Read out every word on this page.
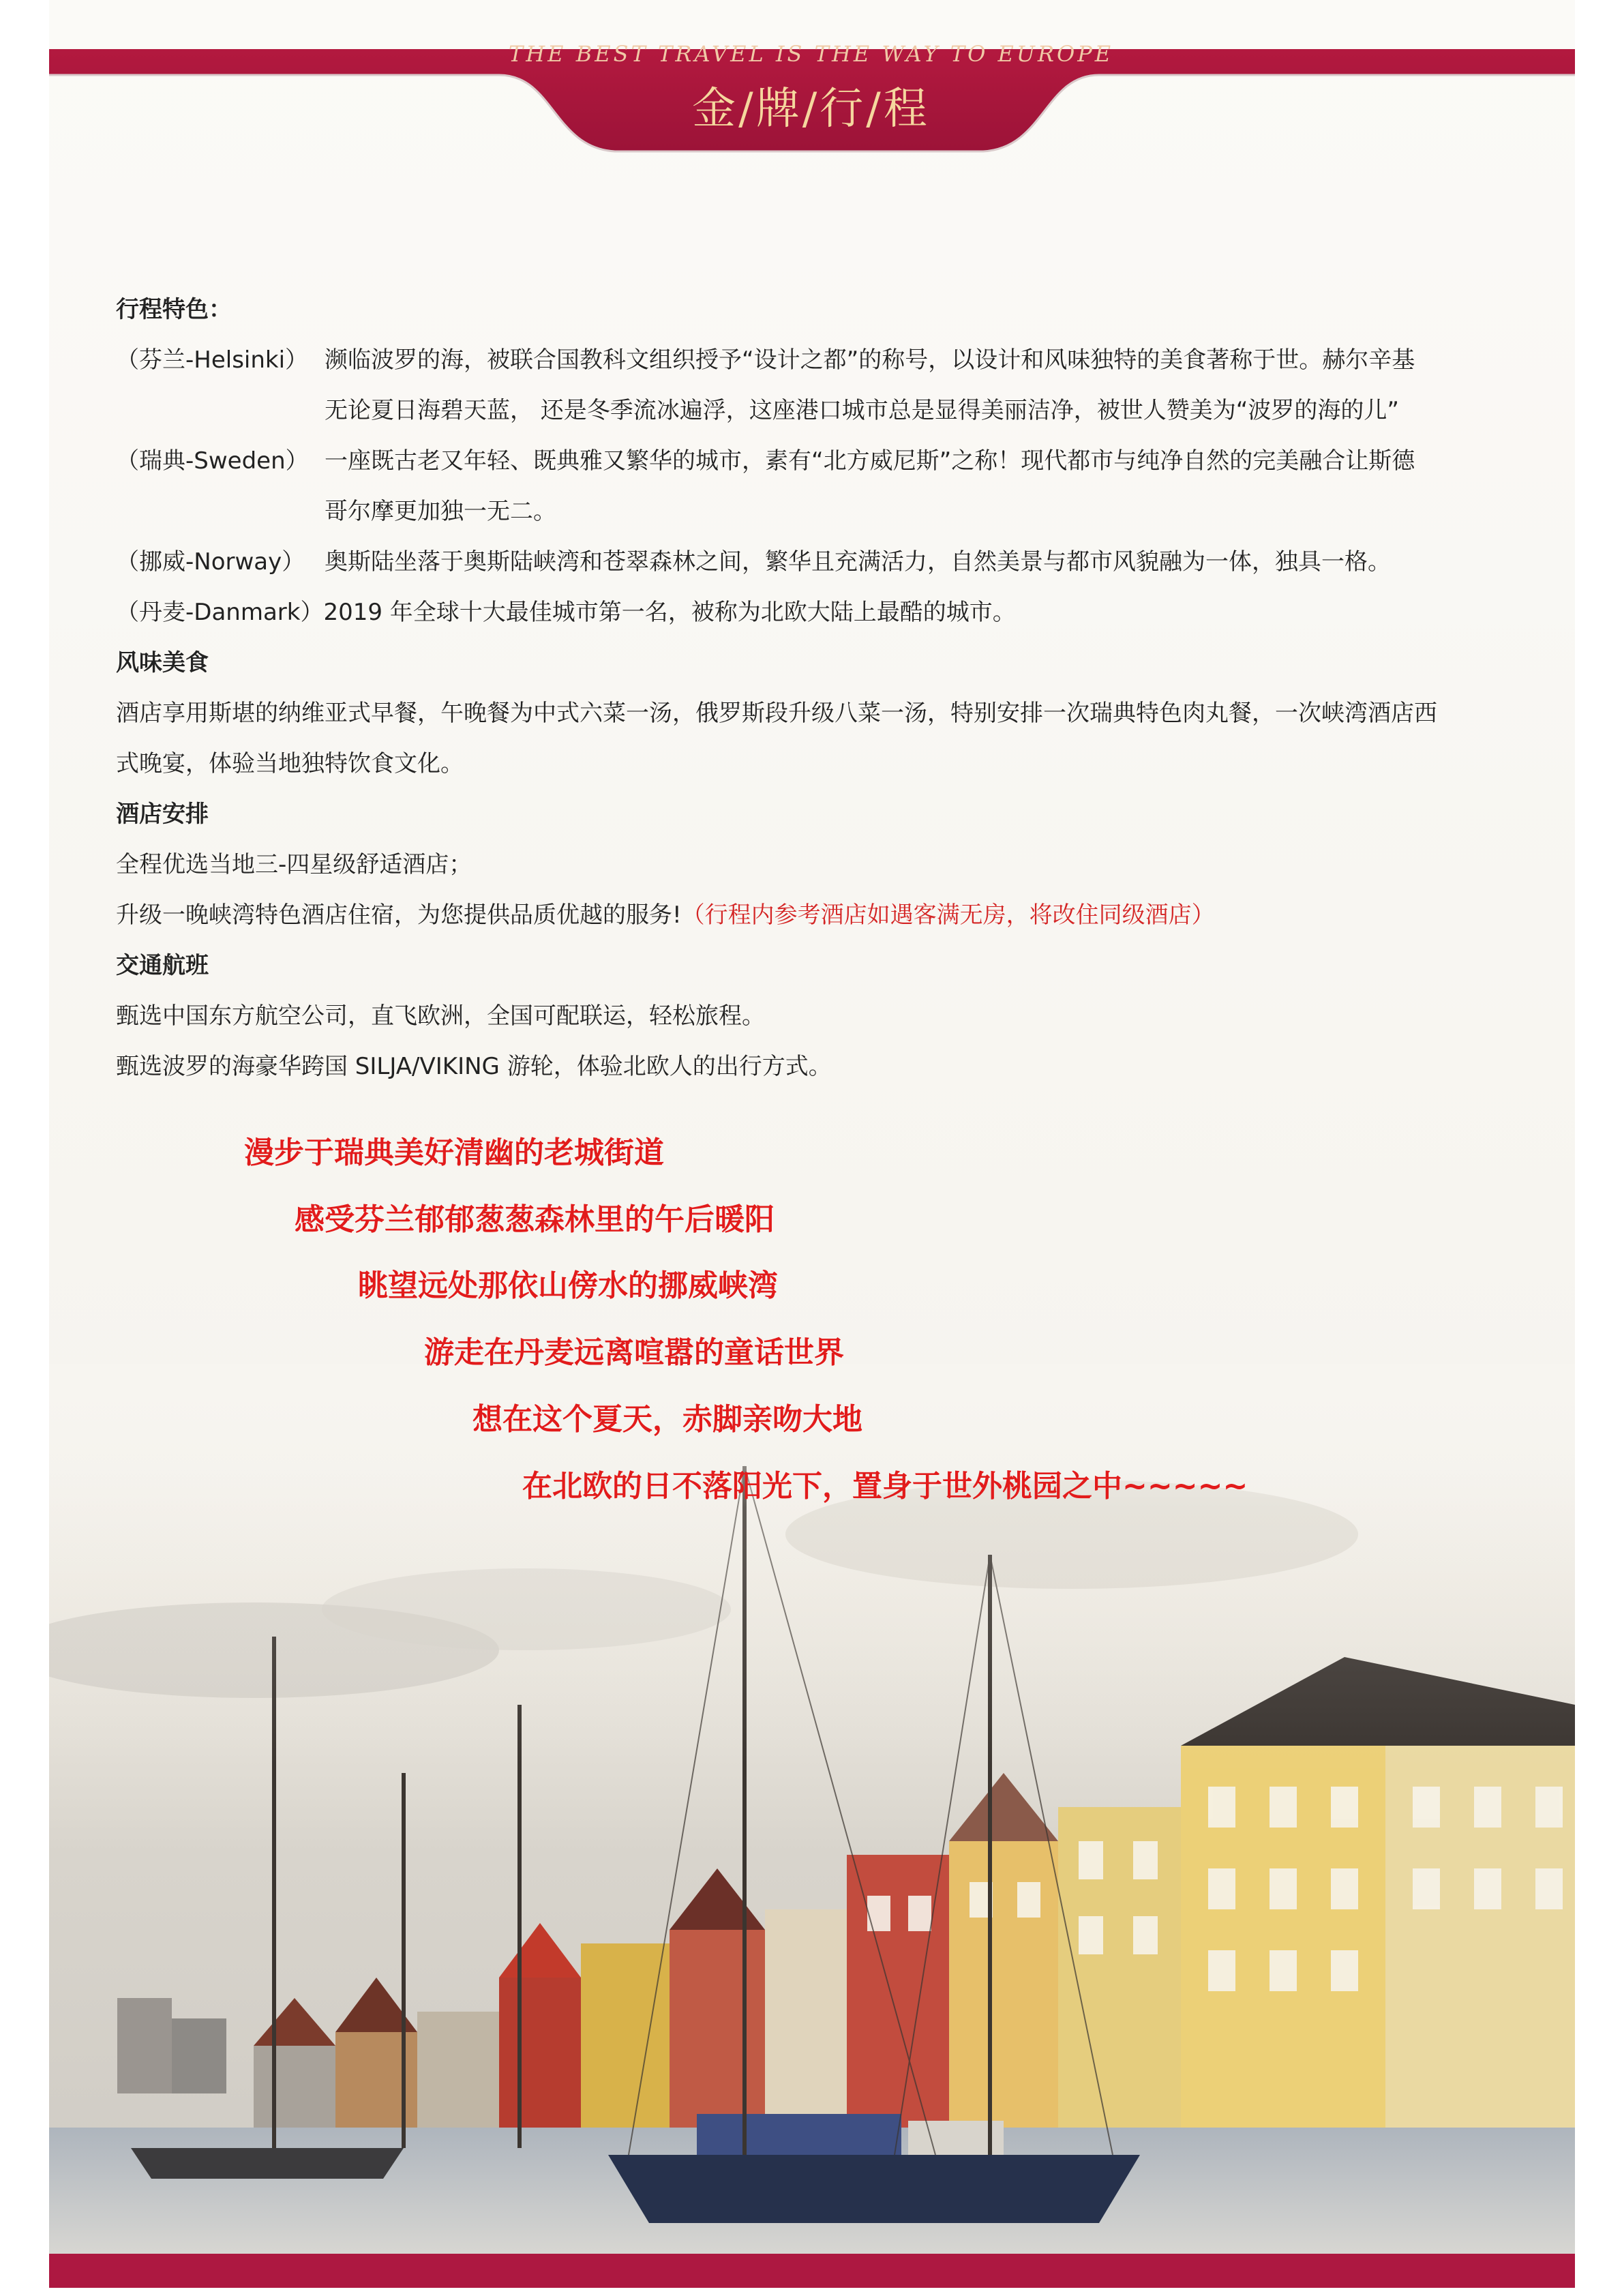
THE BEST TRAVEL IS THE WAY TO EUROPE
金/牌/行/程
行程特色：
（芬兰-Helsinki） 濒临波罗的海，被联合国教科文组织授予“设计之都”的称号，以设计和风味独特的美食著称于世。赫尔辛基
无论夏日海碧天蓝， 还是冬季流冰遍浮，这座港口城市总是显得美丽洁净，被世人赞美为“波罗的海的儿”
（瑞典-Sweden） 一座既古老又年轻、既典雅又繁华的城市，素有“北方威尼斯”之称！现代都市与纯净自然的完美融合让斯德
哥尔摩更加独一无二。
（挪威-Norway） 奥斯陆坐落于奥斯陆峡湾和苍翠森林之间，繁华且充满活力，自然美景与都市风貌融为一体，独具一格。
（丹麦-Danmark） 2019 年全球十大最佳城市第一名，被称为北欧大陆上最酷的城市。
风味美食
酒店享用斯堪的纳维亚式早餐，午晚餐为中式六菜一汤，俄罗斯段升级八菜一汤，特别安排一次瑞典特色肉丸餐，一次峡湾酒店西
式晚宴，体验当地独特饮食文化。
酒店安排
全程优选当地三-四星级舒适酒店；
升级一晚峡湾特色酒店住宿，为您提供品质优越的服务!（行程内参考酒店如遇客满无房，将改住同级酒店）
交通航班
甄选中国东方航空公司，直飞欧洲，全国可配联运，轻松旅程。
甄选波罗的海豪华跨国 SILJA/VIKING 游轮，体验北欧人的出行方式。
漫步于瑞典美好清幽的老城街道
感受芬兰郁郁葱葱森林里的午后暖阳
眺望远处那依山傍水的挪威峡湾
游走在丹麦远离喧嚣的童话世界
想在这个夏天，赤脚亲吻大地
在北欧的日不落阳光下，置身于世外桃园之中~~~~~
